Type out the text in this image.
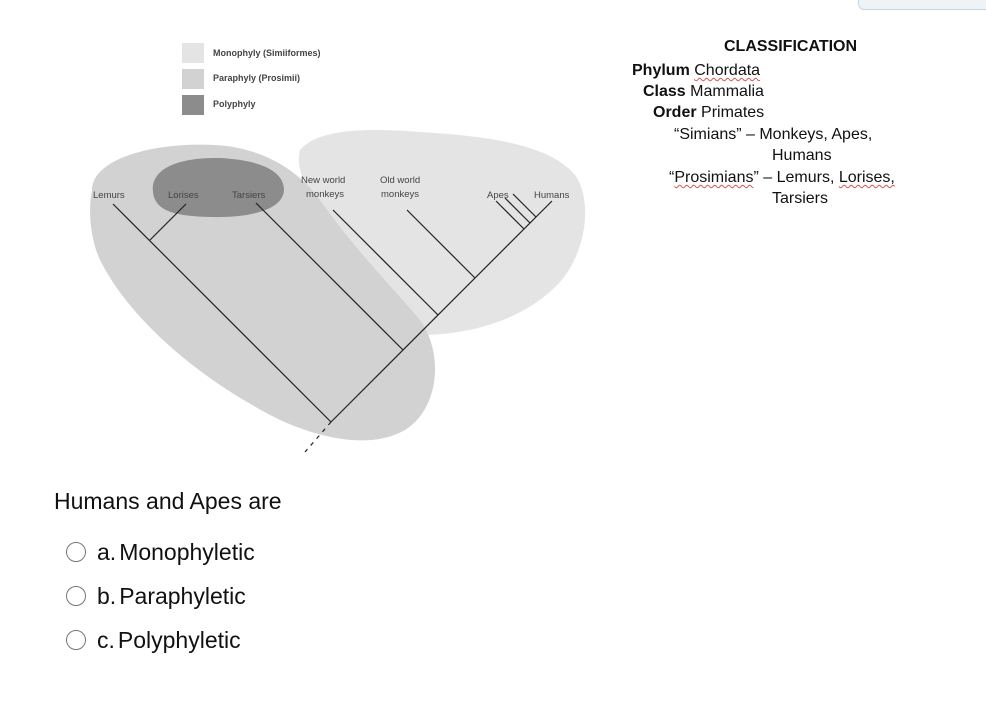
Monophyly (Simiiformes)
Paraphyly (Prosimii)
Polyphyly
Lemurs	Lorises	Tarsiers
New world
monkeys
Old world
monkeys	Apes	Humans
CLASSIFICATION
Phylum Chordata
Class Mammalia
Order Primates
“Simians” – Monkeys, Apes,
Humans
“Prosimians” – Lemurs, Lorises,
Tarsiers
Humans and Apes are
a. Monophyletic
b. Paraphyletic
c. Polyphyletic
